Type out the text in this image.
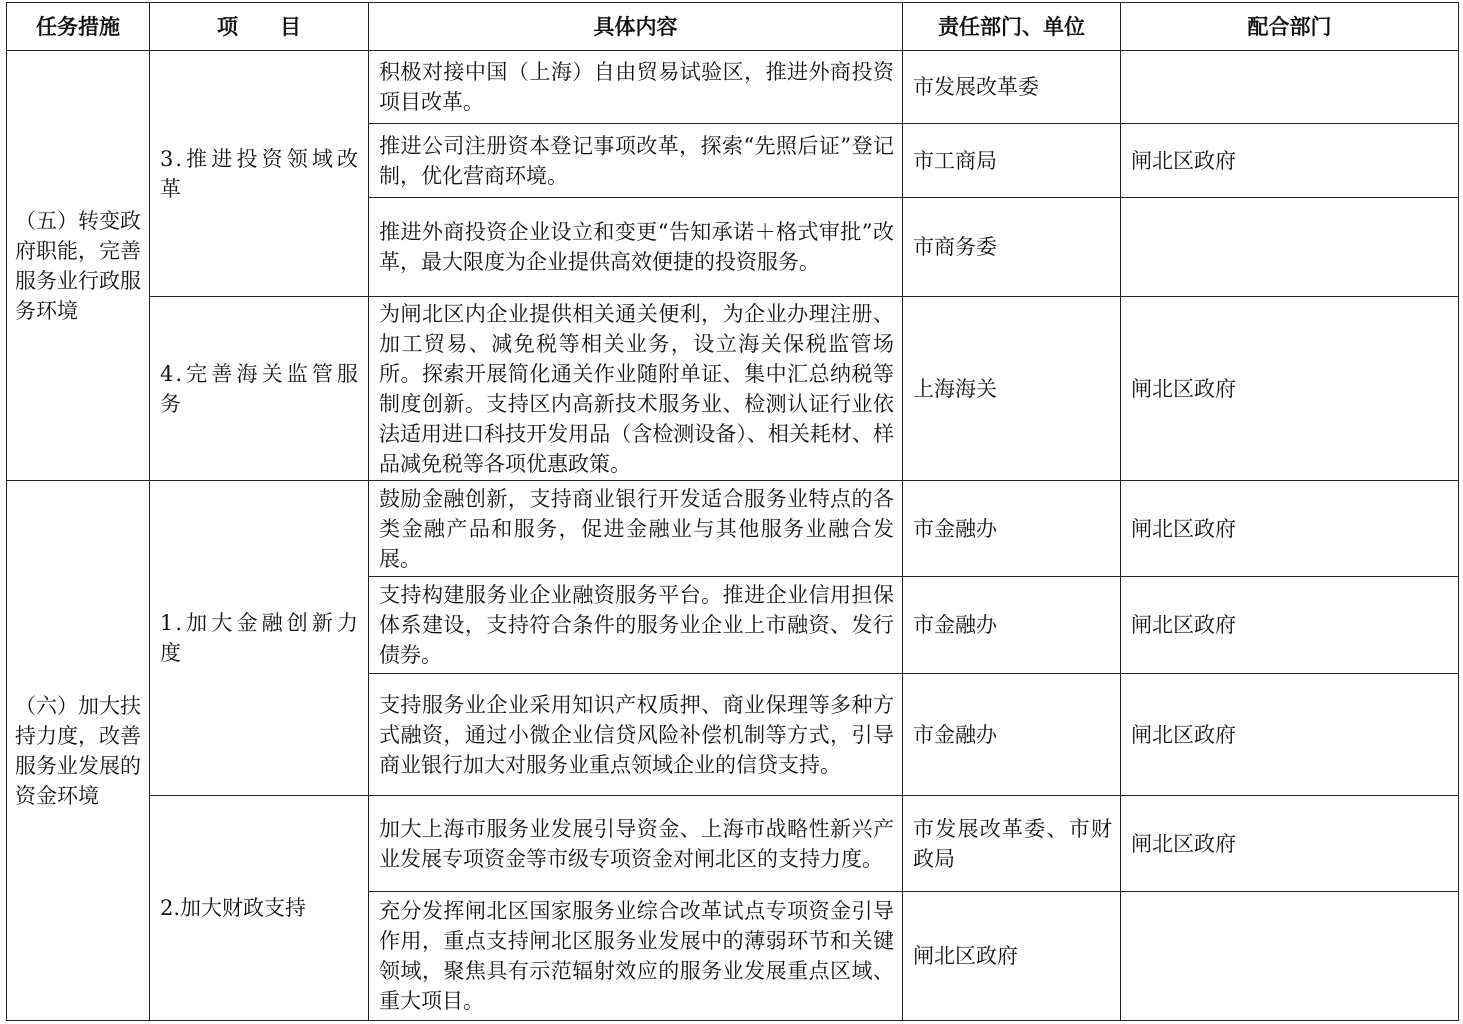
任务措施	项　　目	具体内容	责任部门、单位	配合部门
（五）转变政府职能，完善服务业行政服务环境	3.推进投资领域改革	积极对接中国（上海）自由贸易试验区，推进外商投资项目改革。	市发展改革委	
		推进公司注册资本登记事项改革，探索“先照后证”登记制，优化营商环境。	市工商局	闸北区政府
		推进外商投资企业设立和变更“告知承诺＋格式审批”改革，最大限度为企业提供高效便捷的投资服务。	市商务委	
	4.完善海关监管服务	为闸北区内企业提供相关通关便利，为企业办理注册、加工贸易、减免税等相关业务，设立海关保税监管场所。探索开展简化通关作业随附单证、集中汇总纳税等制度创新。支持区内高新技术服务业、检测认证行业依法适用进口科技开发用品（含检测设备）、相关耗材、样品减免税等各项优惠政策。	上海海关	闸北区政府
（六）加大扶持力度，改善服务业发展的资金环境	1.加大金融创新力度	鼓励金融创新，支持商业银行开发适合服务业特点的各类金融产品和服务，促进金融业与其他服务业融合发展。	市金融办	闸北区政府
		支持构建服务业企业融资服务平台。推进企业信用担保体系建设，支持符合条件的服务业企业上市融资、发行债券。	市金融办	闸北区政府
		支持服务业企业采用知识产权质押、商业保理等多种方式融资，通过小微企业信贷风险补偿机制等方式，引导商业银行加大对服务业重点领域企业的信贷支持。	市金融办	闸北区政府
	2.加大财政支持	加大上海市服务业发展引导资金、上海市战略性新兴产业发展专项资金等市级专项资金对闸北区的支持力度。	市发展改革委、市财政局	闸北区政府
		充分发挥闸北区国家服务业综合改革试点专项资金引导作用，重点支持闸北区服务业发展中的薄弱环节和关键领域，聚焦具有示范辐射效应的服务业发展重点区域、重大项目。	闸北区政府	
